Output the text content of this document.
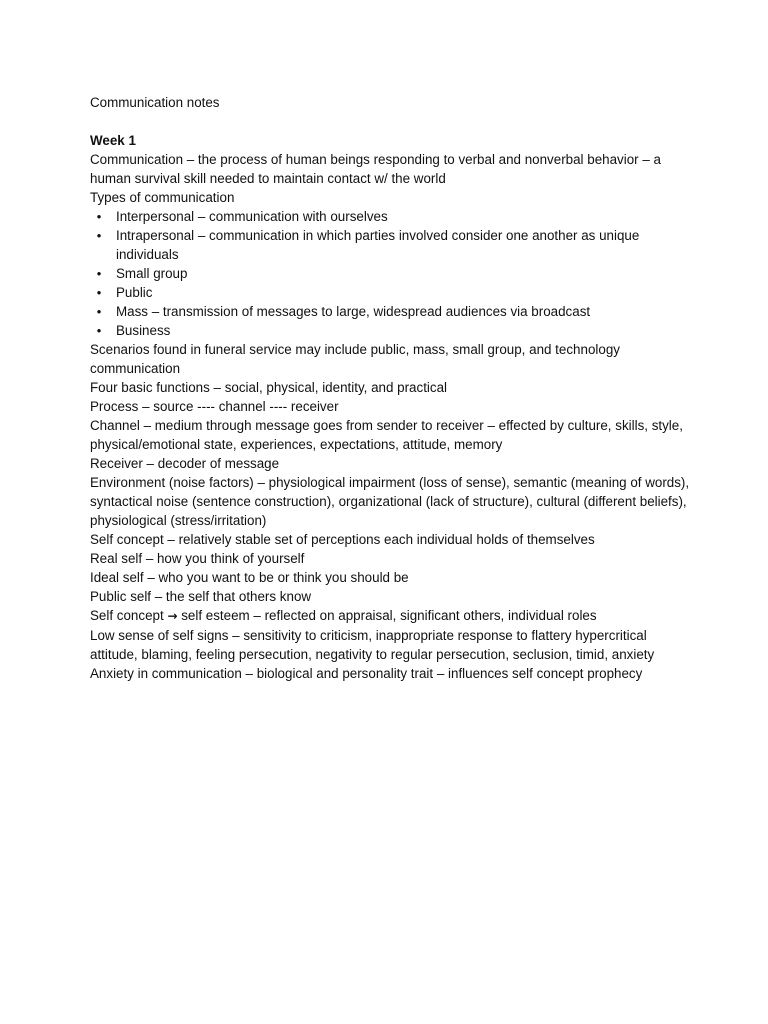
Communication notes

Week 1

Communication – the process of human beings responding to verbal and nonverbal behavior – a human survival skill needed to maintain contact w/ the world

Types of communication

• Interpersonal – communication with ourselves
• Intrapersonal – communication in which parties involved consider one another as unique individuals
• Small group
• Public
• Mass – transmission of messages to large, widespread audiences via broadcast
• Business

Scenarios found in funeral service may include public, mass, small group, and technology communication

Four basic functions – social, physical, identity, and practical

Process – source ---- channel ---- receiver

Channel – medium through message goes from sender to receiver – effected by culture, skills, style, physical/emotional state, experiences, expectations, attitude, memory

Receiver – decoder of message

Environment (noise factors) – physiological impairment (loss of sense), semantic (meaning of words), syntactical noise (sentence construction), organizational (lack of structure), cultural (different beliefs), physiological (stress/irritation)

Self concept – relatively stable set of perceptions each individual holds of themselves

Real self – how you think of yourself

Ideal self – who you want to be or think you should be

Public self – the self that others know

Self concept → self esteem – reflected on appraisal, significant others, individual roles

Low sense of self signs – sensitivity to criticism, inappropriate response to flattery hypercritical attitude, blaming, feeling persecution, negativity to regular persecution, seclusion, timid, anxiety

Anxiety in communication – biological and personality trait – influences self concept prophecy
